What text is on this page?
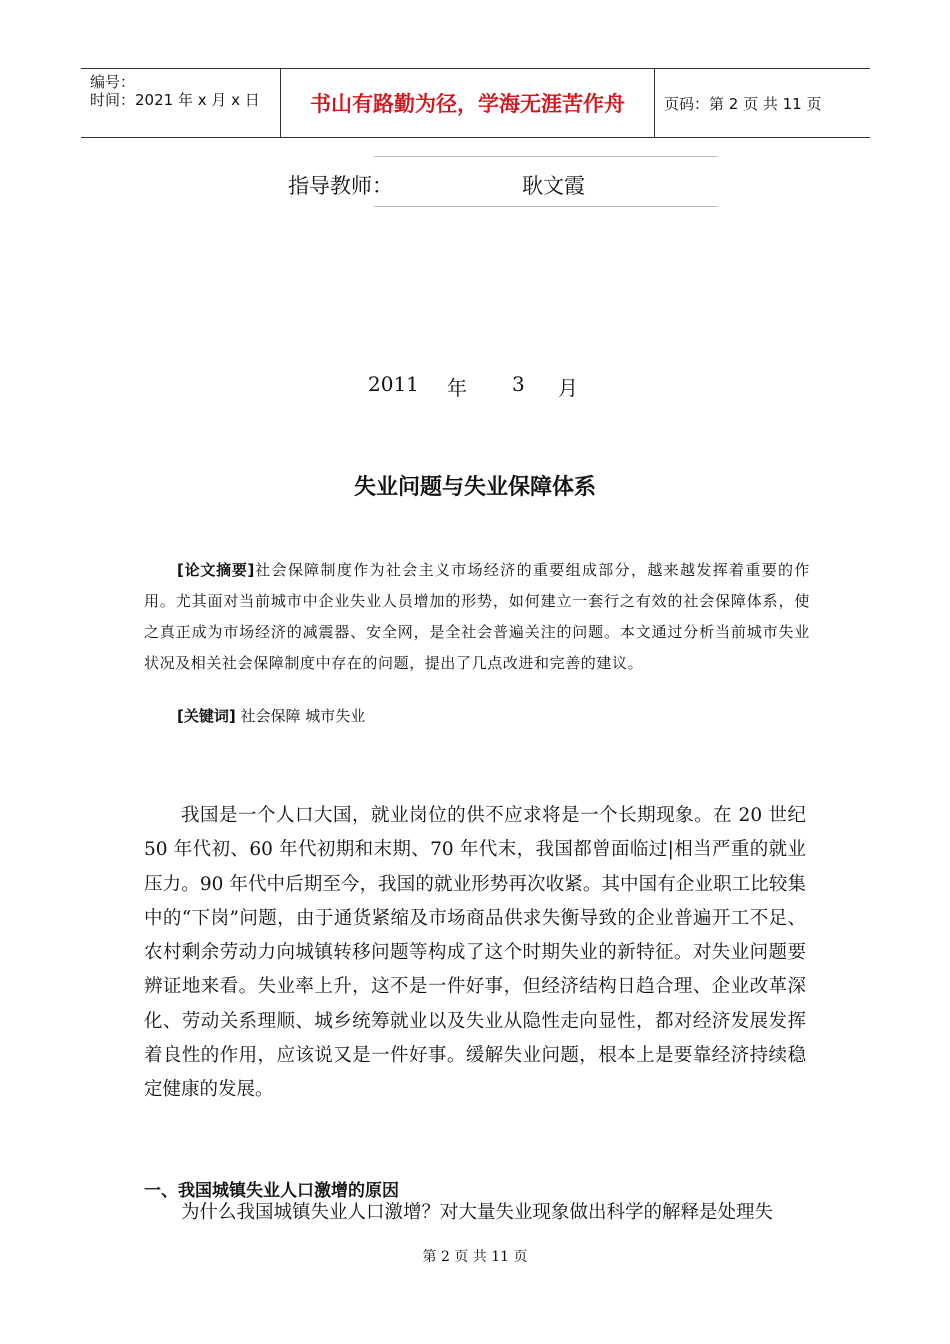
编号：
时间：2021 年 x 月 x 日 书山有路勤为径，学海无涯苦作舟	页码：第 2 页 共 11 页
指导教师：	耿文霞
2011 年 3 月
失业问题与失业保障体系
[论文摘要]社会保障制度作为社会主义市场经济的重要组成部分，越来越发挥着重要的作用。尤其面对当前城市中企业失业人员增加的形势，如何建立一套行之有效的社会保障体系，使之真正成为市场经济的减震器、安全网，是全社会普遍关注的问题。本文通过分析当前城市失业状况及相关社会保障制度中存在的问题，提出了几点改进和完善的建议。
[关键词] 社会保障 城市失业
我国是一个人口大国，就业岗位的供不应求将是一个长期现象。在 20 世纪 50 年代初、60 年代初期和末期、70 年代末，我国都曾面临过|相当严重的就业压力。90 年代中后期至今，我国的就业形势再次收紧。其中国有企业职工比较集中的“下岗”问题，由于通货紧缩及市场商品供求失衡导致的企业普遍开工不足、农村剩余劳动力向城镇转移问题等构成了这个时期失业的新特征。对失业问题要辨证地来看。失业率上升，这不是一件好事，但经济结构日趋合理、企业改革深化、劳动关系理顺、城乡统筹就业以及失业从隐性走向显性，都对经济发展发挥着良性的作用，应该说又是一件好事。缓解失业问题，根本上是要靠经济持续稳定健康的发展。
一、我国城镇失业人口激增的原因
为什么我国城镇失业人口激增？对大量失业现象做出科学的解释是处理失
第 2 页 共 11 页
